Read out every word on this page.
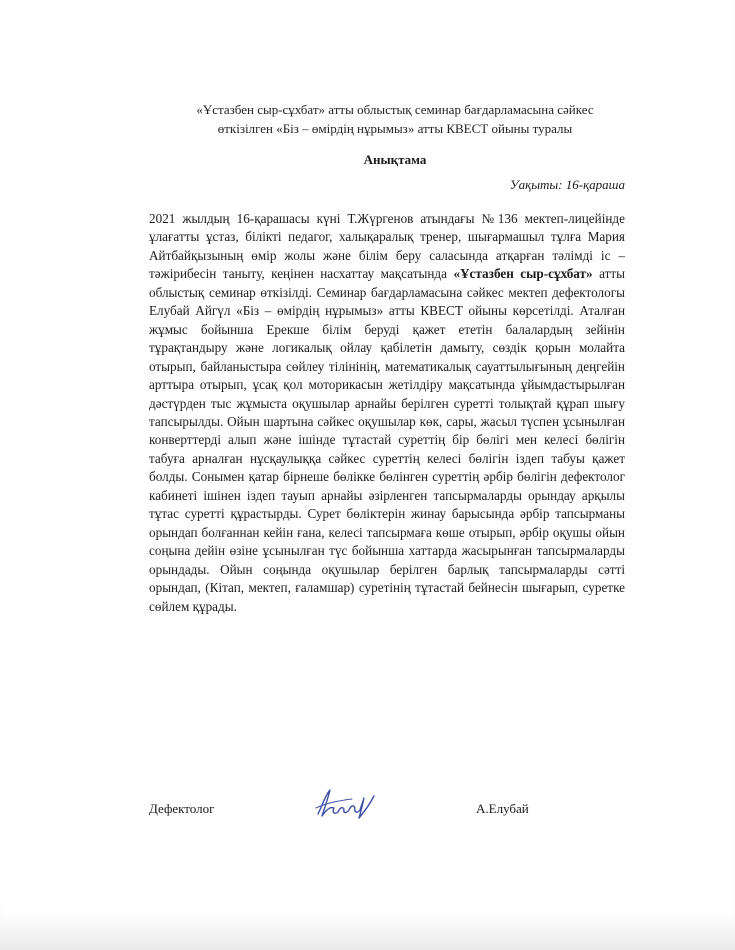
«Ұстазбен сыр-сұхбат» атты облыстық семинар бағдарламасына сәйкес

өткізілген «Біз – өмірдің нұрымыз» атты КВЕСТ ойыны туралы

Анықтама

Уақыты: 16-қараша

2021 жылдың 16-қарашасы күні Т.Жүргенов атындағы №136 мектеп-лицейінде ұлағатты ұстаз, білікті педагог, халықаралық тренер, шығармашыл тұлға Мария Айтбайқызының өмір жолы және білім беру саласында атқарған тәлімді іс –тәжірибесін таныту, кеңінен насхаттау мақсатында «Ұстазбен сыр-сұхбат» атты облыстық семинар өткізілді. Семинар бағдарламасына сәйкес мектеп дефектологы Елубай Айгүл «Біз – өмірдің нұрымыз» атты КВЕСТ ойыны көрсетілді. Аталған жұмыс бойынша Ерекше білім беруді қажет ететін балалардың зейінін тұрақтандыру және логикалық ойлау қабілетін дамыту, сөздік қорын молайта отырып, байланыстыра сөйлеу тілінінің, математикалық сауаттылығының деңгейін арттыра отырып, ұсақ қол моторикасын жетілдіру мақсатында ұйымдастырылған дәстүрден тыс жұмыста оқушылар арнайы берілген суретті толықтай құрап шығу тапсырылды. Ойын шартына сәйкес оқушылар көк, сары, жасыл түспен ұсынылған конверттерді алып және ішінде тұтастай суреттің бір бөлігі мен келесі бөлігін табуға арналған нұсқаулыққа сәйкес суреттің келесі бөлігін іздеп табуы қажет болды. Сонымен қатар бірнеше бөлікке бөлінген суреттің әрбір бөлігін дефектолог кабинеті ішінен іздеп тауып арнайы әзірленген тапсырмаларды орындау арқылы тұтас суретті құрастырды. Сурет бөліктерін жинау барысында әрбір тапсырманы орындап болғаннан кейін ғана, келесі тапсырмаға көше отырып, әрбір оқушы ойын соңына дейін өзіне ұсынылған түс бойынша хаттарда жасырынған тапсырмаларды орындады. Ойын соңында оқушылар берілген барлық тапсырмаларды сәтті орындап, (Кітап, мектеп, ғаламшар) суретінің тұтастай бейнесін шығарып, суретке сөйлем құрады.

Дефектолог	А.Елубай
